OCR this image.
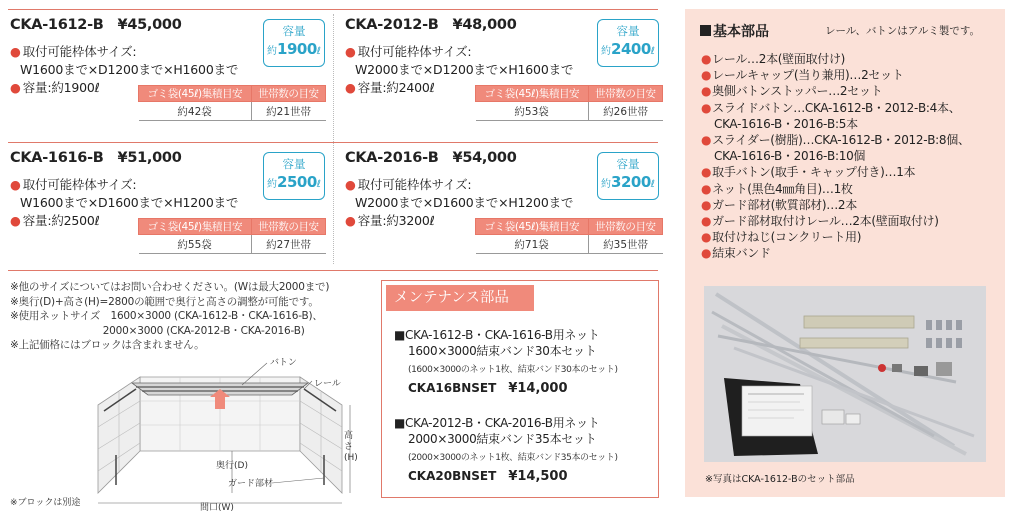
CKA-1612-B ¥45,000
● 取付可能枠体サイズ:
W1600まで×D1200まで×H1600まで
● 容量:約1900ℓ
容量
約1900ℓ
ゴミ袋(45ℓ)集積目安	世帯数の目安
約42袋	約21世帯
CKA-2012-B ¥48,000
● 取付可能枠体サイズ:
W2000まで×D1200まで×H1600まで
● 容量:約2400ℓ
容量
約2400ℓ
ゴミ袋(45ℓ)集積目安	世帯数の目安
約53袋	約26世帯
CKA-1616-B ¥51,000
● 取付可能枠体サイズ:
W1600まで×D1600まで×H1200まで
● 容量:約2500ℓ
容量
約2500ℓ
ゴミ袋(45ℓ)集積目安	世帯数の目安
約55袋	約27世帯
CKA-2016-B ¥54,000
● 取付可能枠体サイズ:
W2000まで×D1600まで×H1200まで
● 容量:約3200ℓ
容量
約3200ℓ
ゴミ袋(45ℓ)集積目安	世帯数の目安
約71袋	約35世帯
※他のサイズについてはお問い合わせください。(Wは最大2000まで)
※奥行(D)+高さ(H)=2800の範囲で奥行と高さの調整が可能です。
※使用ネットサイズ　1600×3000 (CKA-1612-B・CKA-1616-B)、
　　　　　　　　　2000×3000 (CKA-2012-B・CKA-2016-B)
※上記価格にはブロックは含まれません。
バトン
レール
高さ(H)
奥行(D)
ガード部材
間口(W)
※ブロックは別途
メンテナンス部品
■CKA-1612-B・CKA-1616-B用ネット
1600×3000結束バンド30本セット
(1600×3000のネット1枚、結束バンド30本のセット)
CKA16BNSET ¥14,000
■CKA-2012-B・CKA-2016-B用ネット
2000×3000結束バンド35本セット
(2000×3000のネット1枚、結束バンド35本のセット)
CKA20BNSET ¥14,500
基本部品	レール、バトンはアルミ製です。
●レール…2本(壁面取付け)
●レールキャップ(当り兼用)…2セット
●奥側バトンストッパー…2セット
●スライドバトン…CKA-1612-B・2012-B:4本、
CKA-1616-B・2016-B:5本
●スライダー(樹脂)…CKA-1612-B・2012-B:8個、
CKA-1616-B・2016-B:10個
●取手バトン(取手・キャップ付き)…1本
●ネット(黒色4㎜角目)…1枚
●ガード部材(軟質部材)…2本
●ガード部材取付けレール…2本(壁面取付け)
●取付けねじ(コンクリート用)
●結束バンド
※写真はCKA-1612-Bのセット部品
